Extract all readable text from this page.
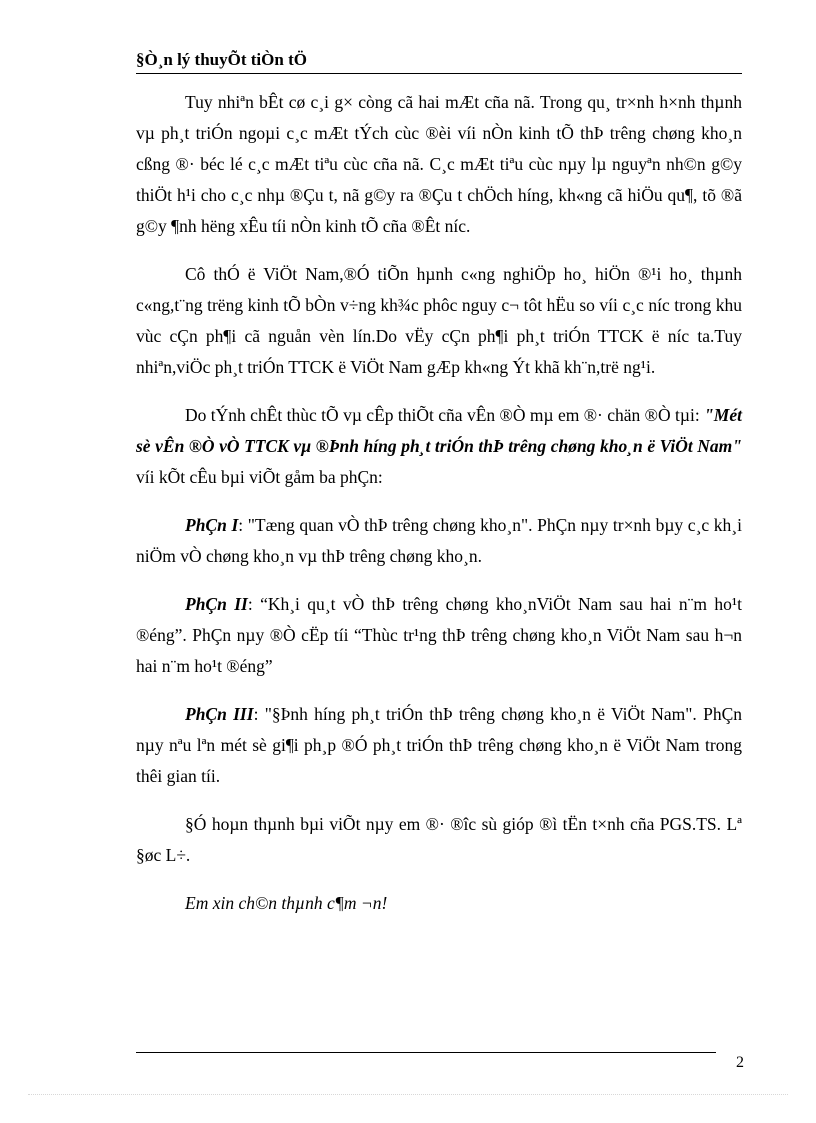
§Ò¸n lý thuyÕt tiÒn tÖ

Tuy nhiªn bÊt cø c¸i g× còng cã hai mÆt cña nã. Trong qu¸ tr×nh h×nh thµnh vµ ph¸t triÓn ngoµi c¸c mÆt tÝch cùc ®èi víi nÒn kinh tÕ thÞ trêng chøng kho¸n cßng ®· béc lé c¸c mÆt tiªu cùc cña nã. C¸c mÆt tiªu cùc nµy lµ nguyªn nh©n g©y thiÖt h¹i cho c¸c nhµ ®Çu t, nã g©y ra ®Çu t chÖch híng, kh«ng cã hiÖu qu¶, tõ ®ã g©y ¶nh hëng xÊu tíi nÒn kinh tÕ cña ®Êt níc.

Cô thÓ ë ViÖt Nam,®Ó tiÕn hµnh c«ng nghiÖp ho¸ hiÖn ®¹i ho¸ thµnh c«ng,t¨ng trëng kinh tÕ bÒn v÷ng kh¾c phôc nguy c¬ tôt hËu so víi c¸c níc trong khu vùc cÇn ph¶i cã nguån vèn lín.Do vËy cÇn ph¶i ph¸t triÓn TTCK ë níc ta.Tuy nhiªn,viÖc ph¸t triÓn TTCK ë ViÖt Nam gÆp kh«ng Ýt khã kh¨n,trë ng¹i.

Do tÝnh chÊt thùc tÕ vµ cÊp thiÕt cña vÊn ®Ò mµ em ®· chän ®Ò tµi: "Mét sè vÊn ®Ò vÒ TTCK vµ ®Þnh híng ph¸t triÓn thÞ trêng chøng kho¸n ë ViÖt Nam" víi kÕt cÊu bµi viÕt gåm ba phÇn:

PhÇn I: "Tæng quan vÒ thÞ trêng chøng kho¸n". PhÇn nµy tr×nh bµy c¸c kh¸i niÖm vÒ chøng kho¸n vµ thÞ trêng chøng kho¸n.

PhÇn II: “Kh¸i qu¸t vÒ thÞ trêng chøng kho¸nViÖt Nam sau hai n¨m ho¹t ®éng”. PhÇn nµy ®Ò cËp tíi “Thùc tr¹ng thÞ trêng chøng kho¸n ViÖt Nam sau h¬n hai n¨m ho¹t ®éng”

PhÇn III: "§Þnh híng ph¸t triÓn thÞ trêng chøng kho¸n ë ViÖt Nam". PhÇn nµy nªu lªn mét sè gi¶i ph¸p ®Ó ph¸t triÓn thÞ trêng chøng kho¸n ë ViÖt Nam trong thêi gian tíi.

§Ó hoµn thµnh bµi viÕt nµy em ®· ®îc sù gióp ®ì tËn t×nh cña PGS.TS. Lª §øc L÷.

Em xin ch©n thµnh c¶m ¬n!

2
